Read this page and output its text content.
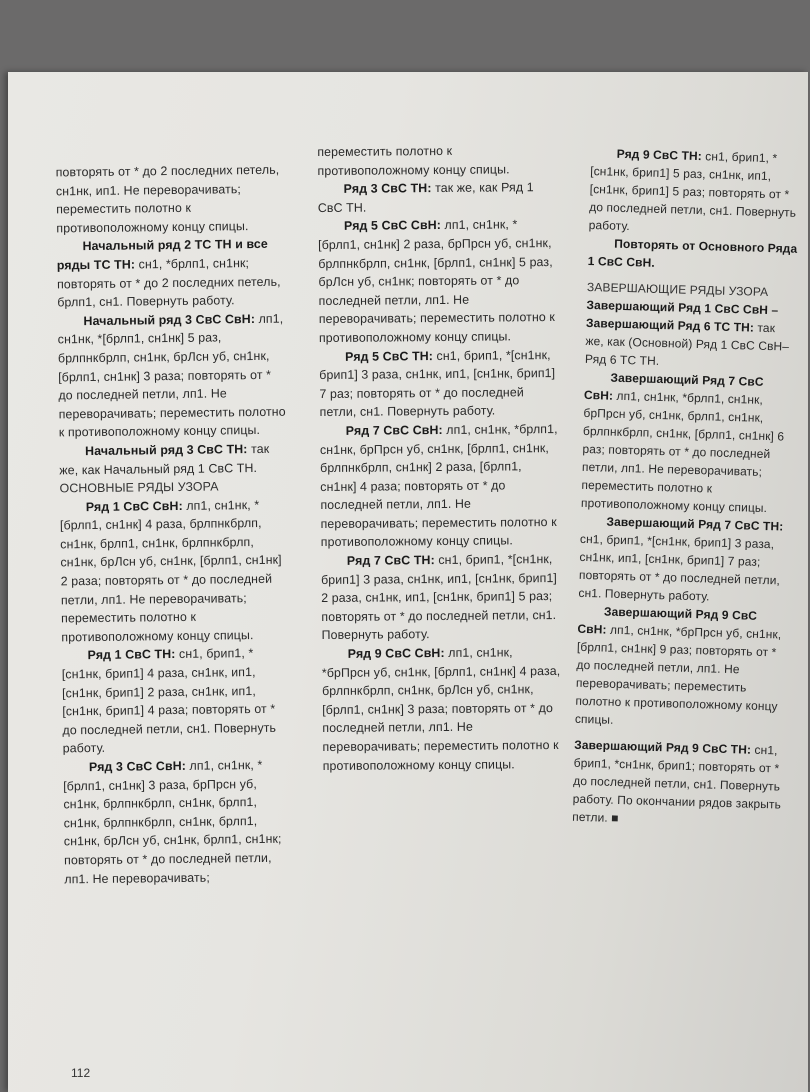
повторять от * до 2 последних петель, сн1нк, ип1. Не переворачивать; переместить полотно к противоположному концу спицы.

Начальный ряд 2 ТС ТН и все ряды ТС ТН: сн1, *брлп1, сн1нк; повторять от * до 2 последних петель, брлп1, сн1. Повернуть работу.

Начальный ряд 3 СвС СвН: лп1, сн1нк, *[брлп1, сн1нк] 5 раз, брлпнкбрлп, сн1нк, брЛсн уб, сн1нк, [брлп1, сн1нк] 3 раза; повторять от * до последней петли, лп1. Не переворачивать; переместить полотно к противоположному концу спицы.

Начальный ряд 3 СвС ТН: так же, как Начальный ряд 1 СвС ТН.

ОСНОВНЫЕ РЯДЫ УЗОРА

Ряд 1 СвС СвН: лп1, сн1нк, *[брлп1, сн1нк] 4 раза, брлпнкбрлп, сн1нк, брлп1, сн1нк, брлпнкбрлп, сн1нк, брЛсн уб, сн1нк, [брлп1, сн1нк] 2 раза; повторять от * до последней петли, лп1. Не переворачивать; переместить полотно к противоположному концу спицы.

Ряд 1 СвС ТН: сн1, брип1, *[сн1нк, брип1] 4 раза, сн1нк, ип1, [сн1нк, брип1] 2 раза, сн1нк, ип1, [сн1нк, брип1] 4 раза; повторять от * до последней петли, сн1. Повернуть работу.

Ряд 3 СвС СвН: лп1, сн1нк, *[брлп1, сн1нк] 3 раза, брПрсн уб, сн1нк, брлпнкбрлп, сн1нк, брлп1, сн1нк, брлпнкбрлп, сн1нк, брлп1, сн1нк, брЛсн уб, сн1нк, брлп1, сн1нк; повторять от * до последней петли, лп1. Не переворачивать;

переместить полотно к противоположному концу спицы.

Ряд 3 СвС ТН: так же, как Ряд 1 СвС ТН.

Ряд 5 СвС СвН: лп1, сн1нк, *[брлп1, сн1нк] 2 раза, брПрсн уб, сн1нк, брлпнкбрлп, сн1нк, [брлп1, сн1нк] 5 раз, брЛсн уб, сн1нк; повторять от * до последней петли, лп1. Не переворачивать; переместить полотно к противоположному концу спицы.

Ряд 5 СвС ТН: сн1, брип1, *[сн1нк, брип1] 3 раза, сн1нк, ип1, [сн1нк, брип1] 7 раз; повторять от * до последней петли, сн1. Повернуть работу.

Ряд 7 СвС СвН: лп1, сн1нк, *брлп1, сн1нк, брПрсн уб, сн1нк, [брлп1, сн1нк, брлпнкбрлп, сн1нк] 2 раза, [брлп1, сн1нк] 4 раза; повторять от * до последней петли, лп1. Не переворачивать; переместить полотно к противоположному концу спицы.

Ряд 7 СвС ТН: сн1, брип1, *[сн1нк, брип1] 3 раза, сн1нк, ип1, [сн1нк, брип1] 2 раза, сн1нк, ип1, [сн1нк, брип1] 5 раз; повторять от * до последней петли, сн1. Повернуть работу.

Ряд 9 СвС СвН: лп1, сн1нк, *брПрсн уб, сн1нк, [брлп1, сн1нк] 4 раза, брлпнкбрлп, сн1нк, брЛсн уб, сн1нк, [брлп1, сн1нк] 3 раза; повторять от * до последней петли, лп1. Не переворачивать; переместить полотно к противоположному концу спицы.

Ряд 9 СвС ТН: сн1, брип1, *[сн1нк, брип1] 5 раз, сн1нк, ип1, [сн1нк, брип1] 5 раз; повторять от * до последней петли, сн1. Повернуть работу.

Повторять от Основного Ряда 1 СвС СвН.

ЗАВЕРШАЮЩИЕ РЯДЫ УЗОРА

Завершающий Ряд 1 СвС СвН – Завершающий Ряд 6 ТС ТН: так же, как (Основной) Ряд 1 СвС СвН–Ряд 6 ТС ТН.

Завершающий Ряд 7 СвС СвН: лп1, сн1нк, *брлп1, сн1нк, брПрсн уб, сн1нк, брлп1, сн1нк, брлпнкбрлп, сн1нк, [брлп1, сн1нк] 6 раз; повторять от * до последней петли, лп1. Не переворачивать; переместить полотно к противоположному концу спицы.

Завершающий Ряд 7 СвС ТН: сн1, брип1, *[сн1нк, брип1] 3 раза, сн1нк, ип1, [сн1нк, брип1] 7 раз; повторять от * до последней петли, сн1. Повернуть работу.

Завершающий Ряд 9 СвС СвН: лп1, сн1нк, *брПрсн уб, сн1нк, [брлп1, сн1нк] 9 раз; повторять от * до последней петли, лп1. Не переворачивать; переместить полотно к противоположному концу спицы.

Завершающий Ряд 9 СвС ТН: сн1, брип1, *сн1нк, брип1; повторять от * до последней петли, сн1. Повернуть работу. По окончании рядов закрыть петли. ■

112
